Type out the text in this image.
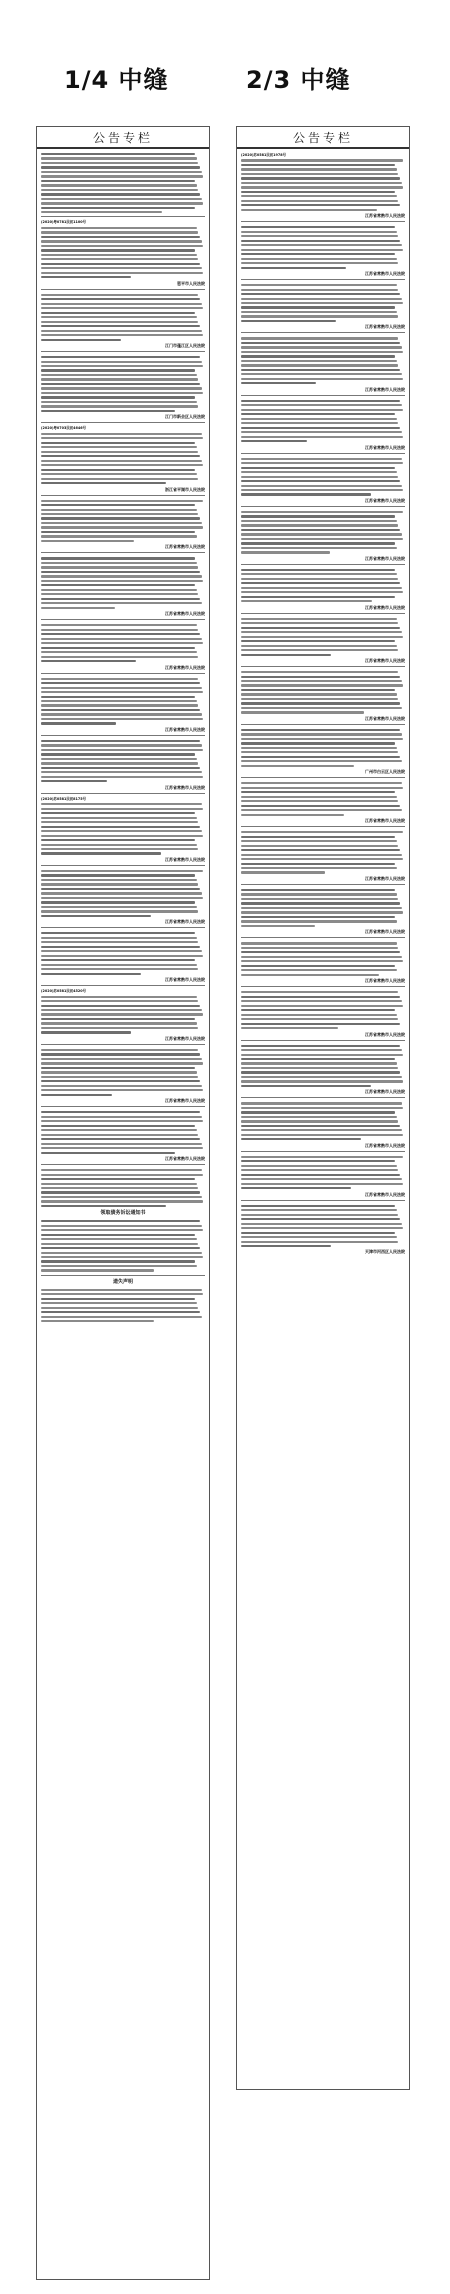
1/4 中缝	2/3 中缝
公告专栏
(2020)粤0781民初1100号
恩平市人民法院
江门市蓬江区人民法院
江门市新会区人民法院
(2020)粤0703民初4646号
浙江省平湖市人民法院
江苏省常熟市人民法院
江苏省常熟市人民法院
江苏省常熟市人民法院
江苏省常熟市人民法院
江苏省常熟市人民法院
(2020)苏0581民初8175号
江苏省常熟市人民法院
江苏省常熟市人民法院
江苏省常熟市人民法院
(2020)苏0581民初4520号
江苏省常熟市人民法院
江苏省常熟市人民法院
江苏省常熟市人民法院
领取债务诉讼通知书
遗失声明
公告专栏
(2020)苏0581民初1978号
江苏省常熟市人民法院
江苏省常熟市人民法院
江苏省常熟市人民法院
江苏省常熟市人民法院
江苏省常熟市人民法院
江苏省常熟市人民法院
江苏省常熟市人民法院
江苏省常熟市人民法院
江苏省常熟市人民法院
江苏省常熟市人民法院
广州市白云区人民法院
江苏省常熟市人民法院
江苏省常熟市人民法院
江苏省常熟市人民法院
江苏省常熟市人民法院
江苏省常熟市人民法院
江苏省常熟市人民法院
江苏省常熟市人民法院
江苏省常熟市人民法院
天津市河西区人民法院
